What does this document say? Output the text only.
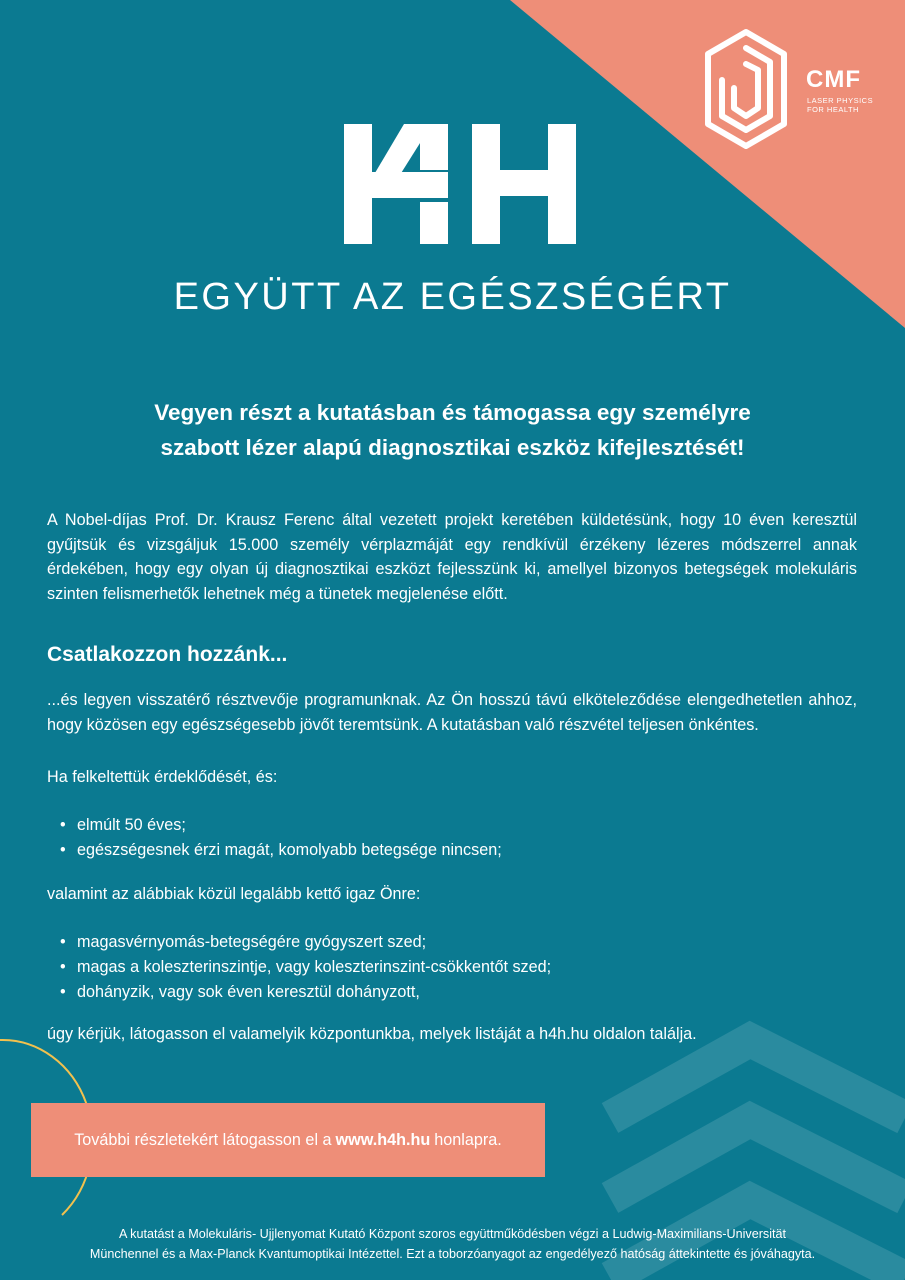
CMF
LASER PHYSICS
FOR HEALTH
EGYÜTT AZ EGÉSZSÉGÉRT
Vegyen részt a kutatásban és támogassa egy személyre
szabott lézer alapú diagnosztikai eszköz kifejlesztését!
A Nobel-díjas Prof. Dr. Krausz Ferenc által vezetett projekt keretében küldetésünk, hogy 10 éven keresztül gyűjtsük és vizsgáljuk 15.000 személy vérplazmáját egy rendkívül érzékeny lézeres módszerrel annak érdekében, hogy egy olyan új diagnosztikai eszközt fejlesszünk ki, amellyel bizonyos betegségek molekuláris szinten felismerhetők lehetnek még a tünetek megjelenése előtt.
Csatlakozzon hozzánk...
...és legyen visszatérő résztvevője programunknak. Az Ön hosszú távú elköteleződése elengedhetetlen ahhoz, hogy közösen egy egészségesebb jövőt teremtsünk. A kutatásban való részvétel teljesen önkéntes.
Ha felkeltettük érdeklődését, és:
• elmúlt 50 éves;
• egészségesnek érzi magát, komolyabb betegsége nincsen;
valamint az alábbiak közül legalább kettő igaz Önre:
• magasvérnyomás-betegségére gyógyszert szed;
• magas a koleszterinszintje, vagy koleszterinszint-csökkentőt szed;
• dohányzik, vagy sok éven keresztül dohányzott,
úgy kérjük, látogasson el valamelyik központunkba, melyek listáját a h4h.hu oldalon találja.
További részletekért látogasson el a www.h4h.hu honlapra.
A kutatást a Molekuláris- Ujjlenyomat Kutató Központ szoros együttműködésben végzi a Ludwig-Maximilians-Universität
Münchennel és a Max-Planck Kvantumoptikai Intézettel. Ezt a toborzóanyagot az engedélyező hatóság áttekintette és jóváhagyta.
